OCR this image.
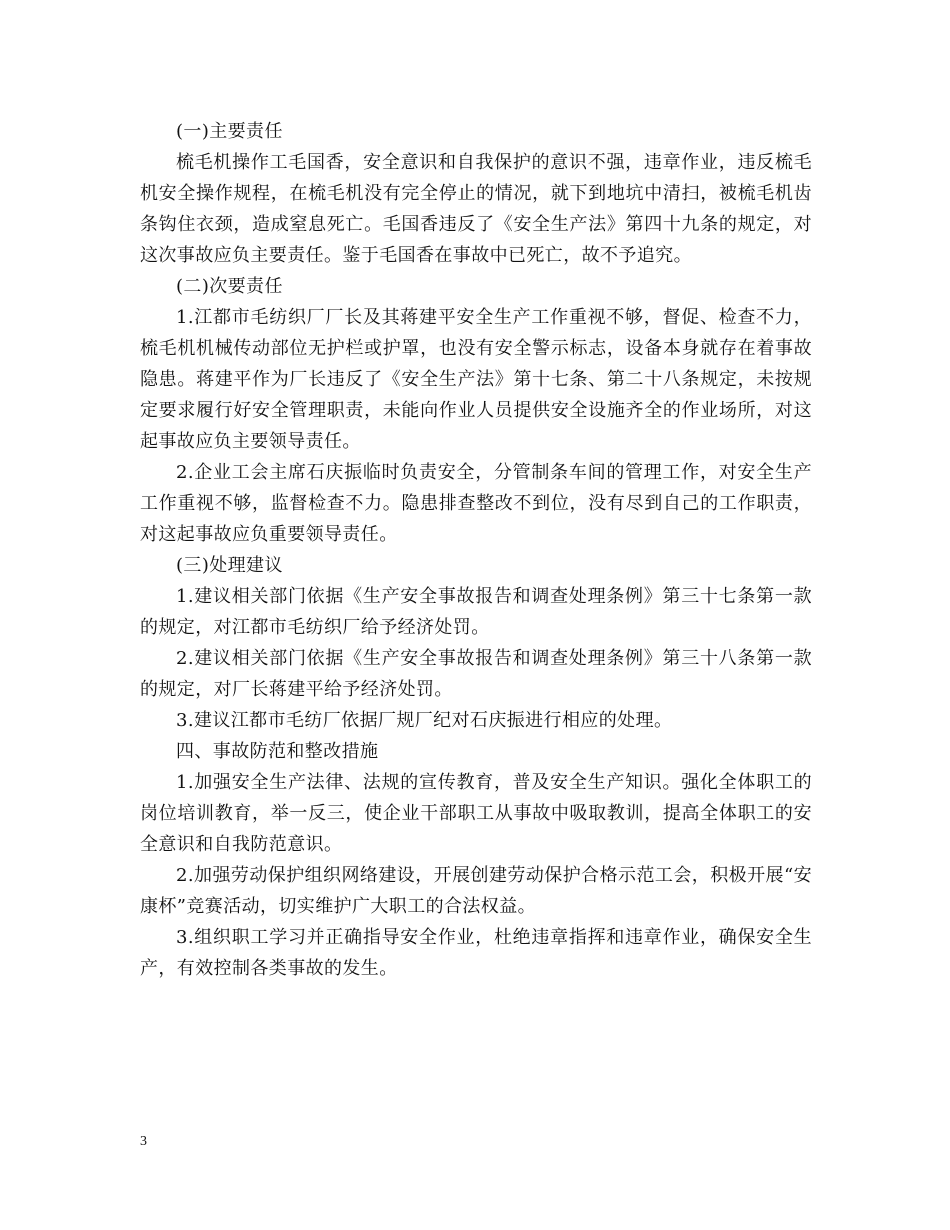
(一)主要责任

梳毛机操作工毛国香，安全意识和自我保护的意识不强，违章作业，违反梳毛机安全操作规程，在梳毛机没有完全停止的情况，就下到地坑中清扫，被梳毛机齿条钩住衣颈，造成窒息死亡。毛国香违反了《安全生产法》第四十九条的规定，对这次事故应负主要责任。鉴于毛国香在事故中已死亡，故不予追究。

(二)次要责任

1.江都市毛纺织厂厂长及其蒋建平安全生产工作重视不够，督促、检查不力，梳毛机机械传动部位无护栏或护罩，也没有安全警示标志，设备本身就存在着事故隐患。蒋建平作为厂长违反了《安全生产法》第十七条、第二十八条规定，未按规定要求履行好安全管理职责，未能向作业人员提供安全设施齐全的作业场所，对这起事故应负主要领导责任。

2.企业工会主席石庆振临时负责安全，分管制条车间的管理工作，对安全生产工作重视不够，监督检查不力。隐患排查整改不到位，没有尽到自己的工作职责，对这起事故应负重要领导责任。

(三)处理建议

1.建议相关部门依据《生产安全事故报告和调查处理条例》第三十七条第一款的规定，对江都市毛纺织厂给予经济处罚。

2.建议相关部门依据《生产安全事故报告和调查处理条例》第三十八条第一款的规定，对厂长蒋建平给予经济处罚。

3.建议江都市毛纺厂依据厂规厂纪对石庆振进行相应的处理。

四、事故防范和整改措施

1.加强安全生产法律、法规的宣传教育，普及安全生产知识。强化全体职工的岗位培训教育，举一反三，使企业干部职工从事故中吸取教训，提高全体职工的安全意识和自我防范意识。

2.加强劳动保护组织网络建设，开展创建劳动保护合格示范工会，积极开展“安康杯”竞赛活动，切实维护广大职工的合法权益。

3.组织职工学习并正确指导安全作业，杜绝违章指挥和违章作业，确保安全生产，有效控制各类事故的发生。

3
